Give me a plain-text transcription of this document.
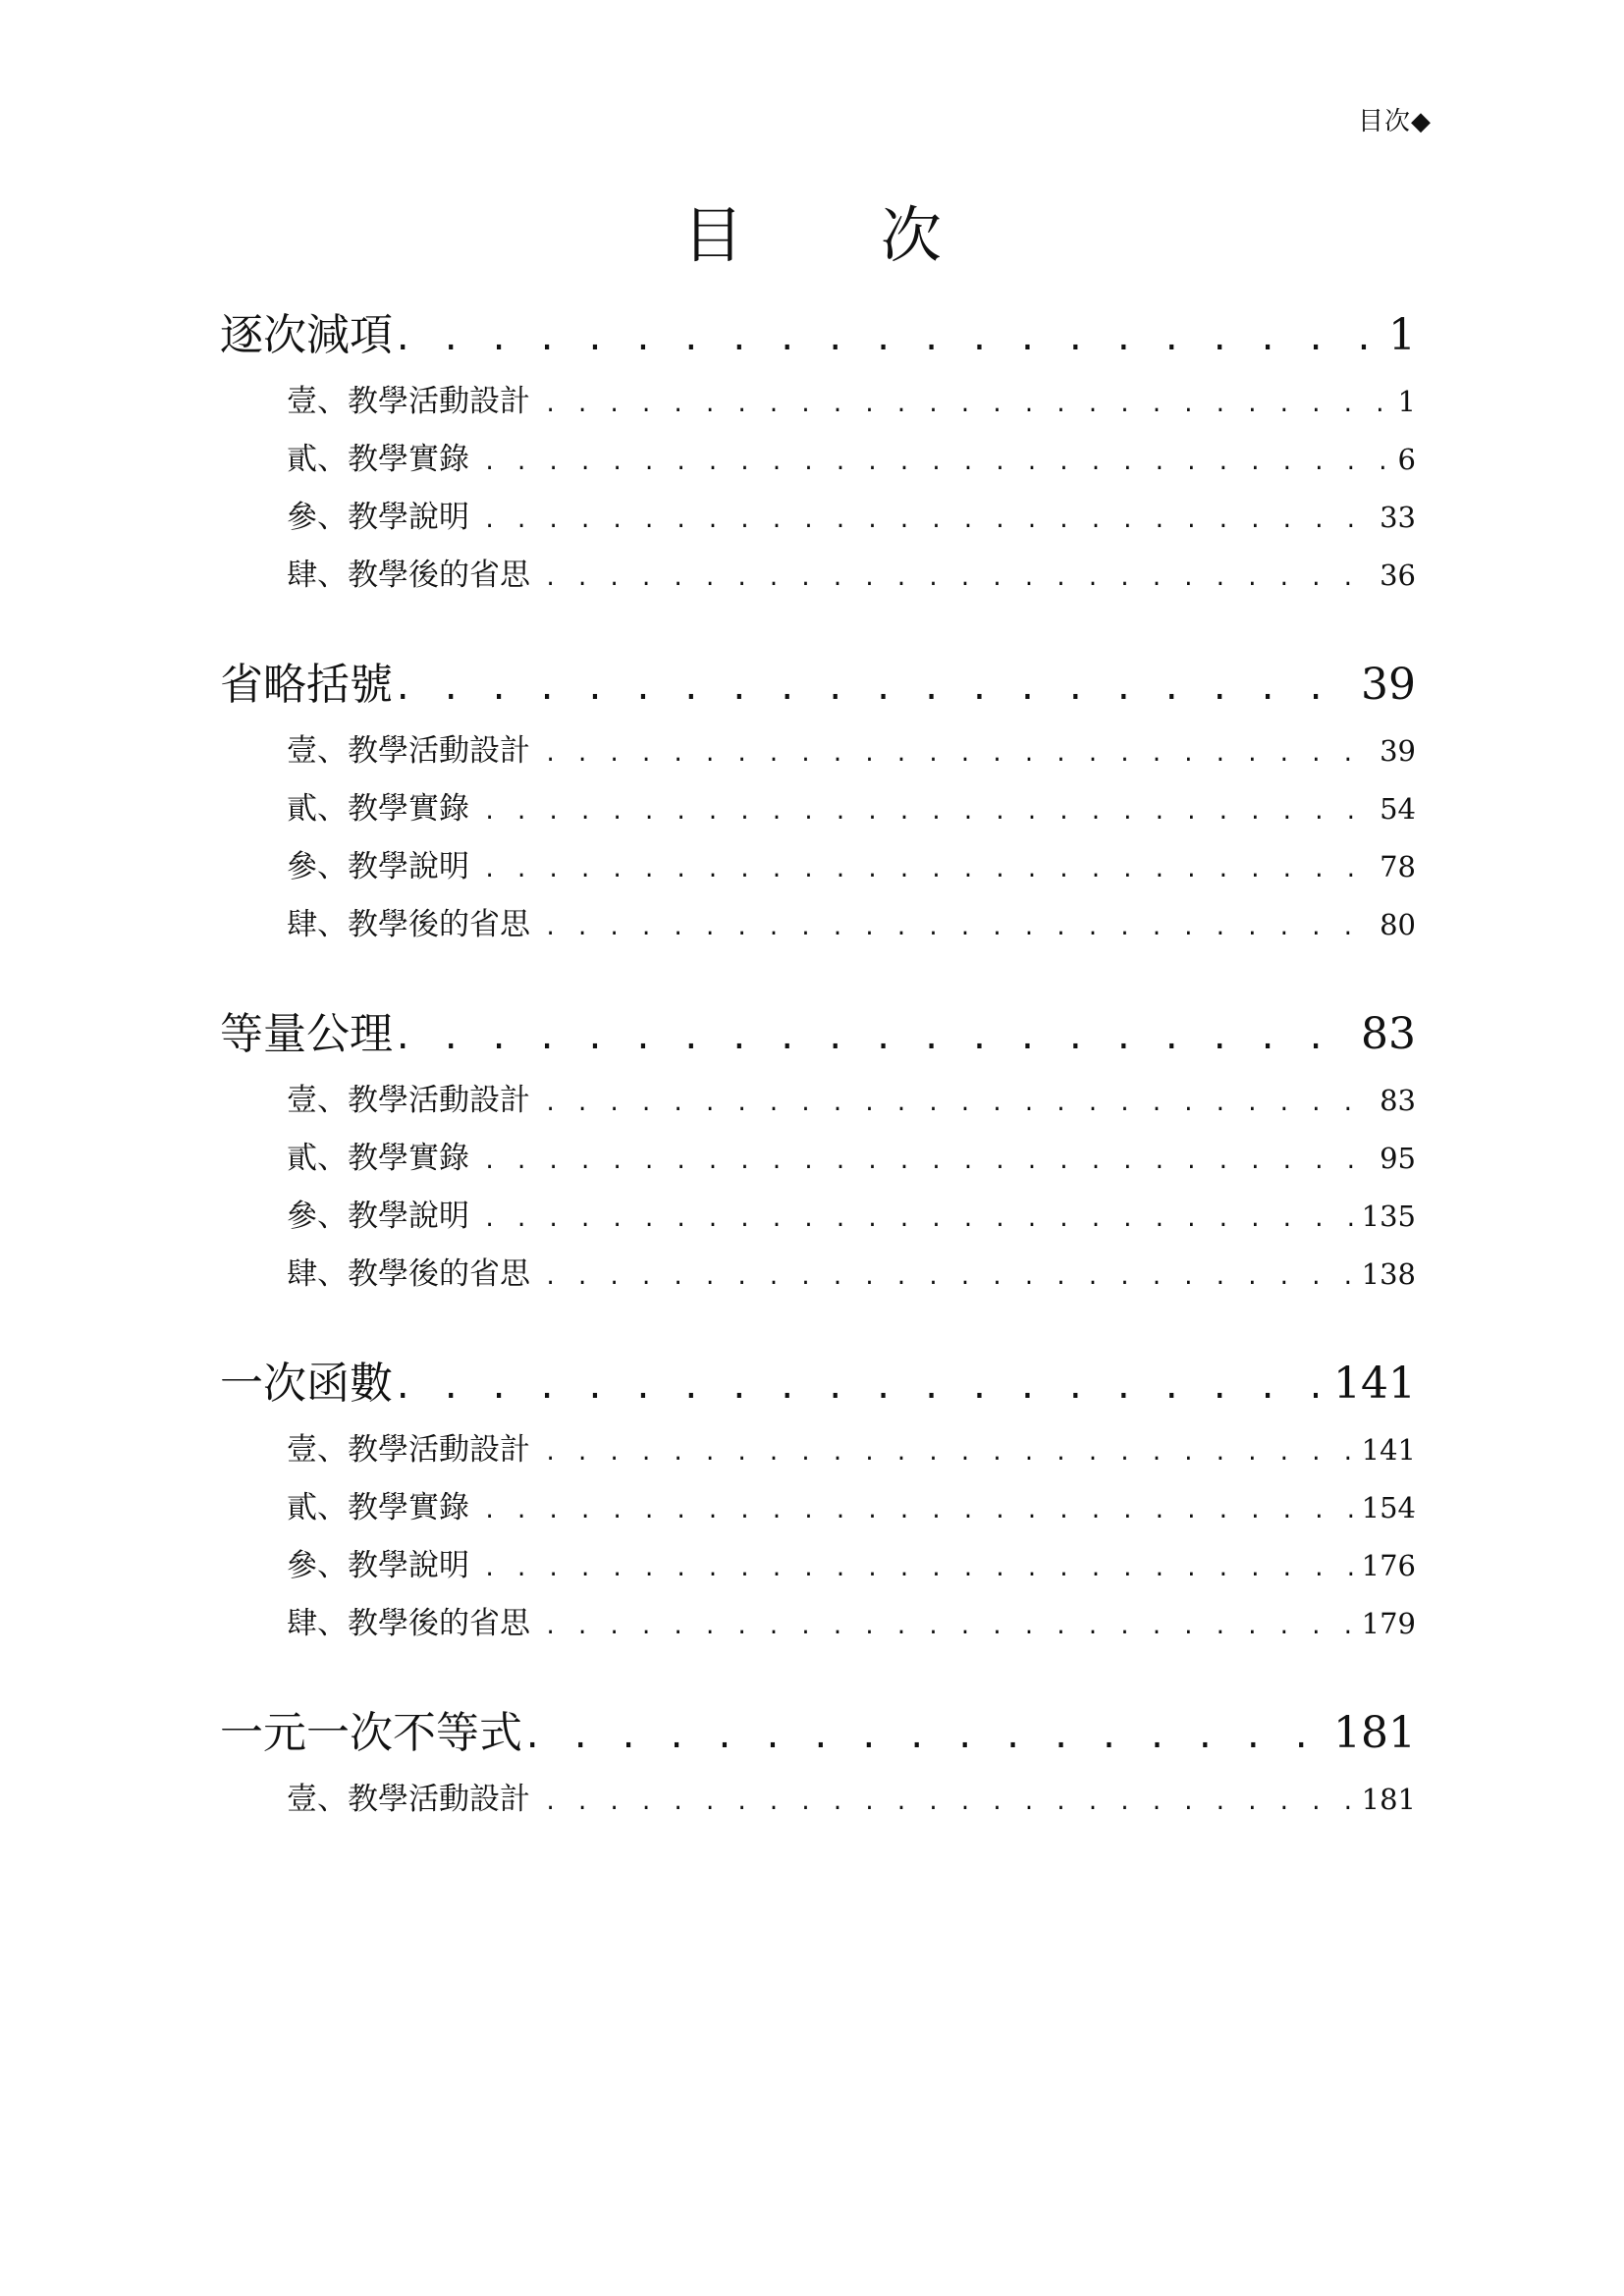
目次◆
目 次
逐次減項 . . .	1
壹、教學活動設計 . . .	1
貳、教學實錄 . . .	6
參、教學說明 . . .	33
肆、教學後的省思 . . .	36
省略括號 . . .	39
壹、教學活動設計 . . .	39
貳、教學實錄 . . .	54
參、教學說明 . . .	78
肆、教學後的省思 . . .	80
等量公理 . . .	83
壹、教學活動設計 . . .	83
貳、教學實錄 . . .	95
參、教學說明 . . .	135
肆、教學後的省思 . . .	138
一次函數 . . .	141
壹、教學活動設計 . . .	141
貳、教學實錄 . . .	154
參、教學說明 . . .	176
肆、教學後的省思 . . .	179
一元一次不等式 . . .	181
壹、教學活動設計 . . .	181
